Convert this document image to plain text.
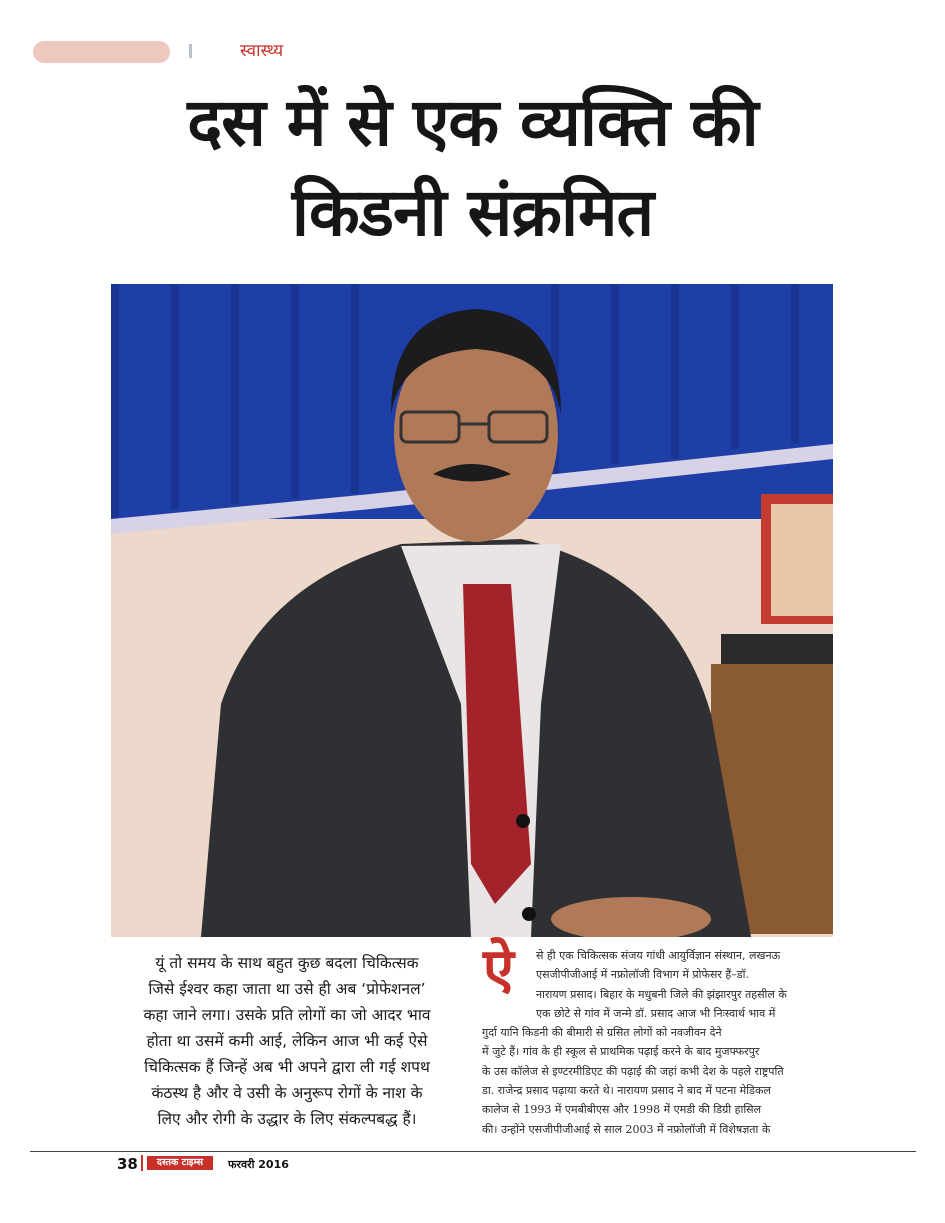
स्वास्थ्य
दस में से एक व्यक्ति की
किडनी संक्रमित

यूं तो समय के साथ बहुत कुछ बदला चिकित्सक

जिसे ईश्वर कहा जाता था उसे ही अब ‘प्रोफेशनल’

कहा जाने लगा। उसके प्रति लोगों का जो आदर भाव

होता था उसमें कमी आई, लेकिन आज भी कई ऐसे

चिकित्सक हैं जिन्हें अब भी अपने द्वारा ली गई शपथ

कंठस्थ है और वे उसी के अनुरूप रोगों के नाश के

लिए और रोगी के उद्धार के लिए संकल्पबद्ध हैं।

ऐ	से ही एक चिकित्सक संजय गांधी आयुर्विज्ञान संस्थान, लखनऊ

एसजीपीजीआई में नफ्रोलॉजी विभाग में प्रोफेसर हैं–डॉ.

नारायण प्रसाद। बिहार के मधुबनी जिले की झंझारपुर तहसील के

एक छोटे से गांव में जन्मे डॉ. प्रसाद आज भी निःस्वार्थ भाव में

गुर्दा यानि किडनी की बीमारी से ग्रसित लोगों को नवजीवन देने

में जुटे हैं। गांव के ही स्कूल से प्राथमिक पढ़ाई करने के बाद मुजफ्फरपुर

के उस कॉलेज से इण्टरमीडिएट की पढ़ाई की जहां कभी देश के पहले राष्ट्रपति

डा. राजेन्द्र प्रसाद पढ़ाया करते थे। नारायण प्रसाद ने बाद में पटना मेडिकल

कालेज से 1993 में एमबीबीएस और 1998 में एमडी की डिग्री हासिल

की। उन्होंने एसजीपीजीआई से साल 2003 में नफ्रोलॉजी में विशेषज्ञता के

38	दस्तक टाइम्स	फरवरी 2016
